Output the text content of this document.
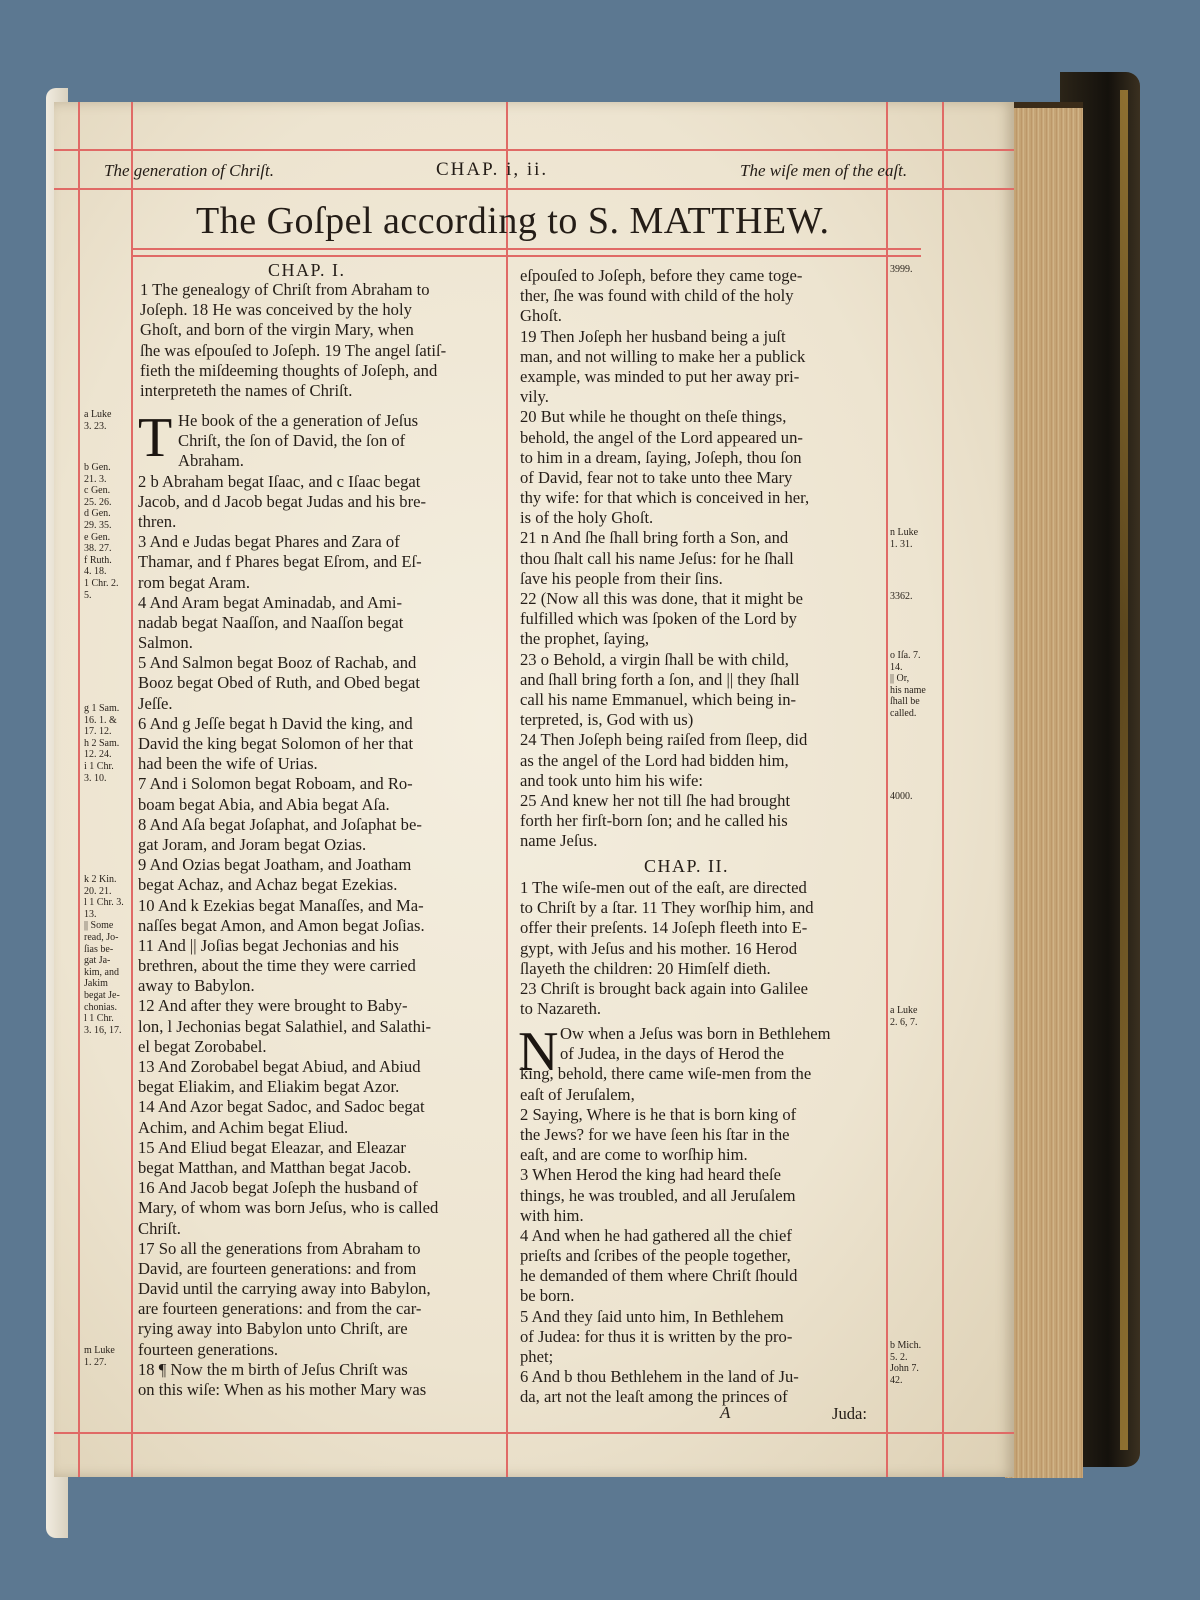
The generation of Chriſt.	CHAP. i, ii.	The wiſe men of the eaſt.
The Goſpel according to S. MATTHEW.
CHAP. I.
1 The genealogy of Chriſt from Abraham to
Joſeph. 18 He was conceived by the holy
Ghoſt, and born of the virgin Mary, when
ſhe was eſpouſed to Joſeph. 19 The angel ſatiſ-
fieth the miſdeeming thoughts of Joſeph, and
interpreteth the names of Chriſt.
T He book of the a generation of Jeſus
Chriſt, the ſon of David, the ſon of
Abraham.
2 b Abraham begat Iſaac, and c Iſaac begat
Jacob, and d Jacob begat Judas and his bre-
thren.
3 And e Judas begat Phares and Zara of
Thamar, and f Phares begat Eſrom, and Eſ-
rom begat Aram.
4 And Aram begat Aminadab, and Ami-
nadab begat Naaſſon, and Naaſſon begat
Salmon.
5 And Salmon begat Booz of Rachab, and
Booz begat Obed of Ruth, and Obed begat
Jeſſe.
6 And g Jeſſe begat h David the king, and
David the king begat Solomon of her that
had been the wife of Urias.
7 And i Solomon begat Roboam, and Ro-
boam begat Abia, and Abia begat Aſa.
8 And Aſa begat Joſaphat, and Joſaphat be-
gat Joram, and Joram begat Ozias.
9 And Ozias begat Joatham, and Joatham
begat Achaz, and Achaz begat Ezekias.
10 And k Ezekias begat Manaſſes, and Ma-
naſſes begat Amon, and Amon begat Joſias.
11 And || Joſias begat Jechonias and his
brethren, about the time they were carried
away to Babylon.
12 And after they were brought to Baby-
lon, l Jechonias begat Salathiel, and Salathi-
el begat Zorobabel.
13 And Zorobabel begat Abiud, and Abiud
begat Eliakim, and Eliakim begat Azor.
14 And Azor begat Sadoc, and Sadoc begat
Achim, and Achim begat Eliud.
15 And Eliud begat Eleazar, and Eleazar
begat Matthan, and Matthan begat Jacob.
16 And Jacob begat Joſeph the husband of
Mary, of whom was born Jeſus, who is called
Chriſt.
17 So all the generations from Abraham to
David, are fourteen generations: and from
David until the carrying away into Babylon,
are fourteen generations: and from the car-
rying away into Babylon unto Chriſt, are
fourteen generations.
18 ¶ Now the m birth of Jeſus Chriſt was
on this wiſe: When as his mother Mary was
eſpouſed to Joſeph, before they came toge-
ther, ſhe was found with child of the holy
Ghoſt.
19 Then Joſeph her husband being a juſt
man, and not willing to make her a publick
example, was minded to put her away pri-
vily.
20 But while he thought on theſe things,
behold, the angel of the Lord appeared un-
to him in a dream, ſaying, Joſeph, thou ſon
of David, fear not to take unto thee Mary
thy wife: for that which is conceived in her,
is of the holy Ghoſt.
21 n And ſhe ſhall bring forth a Son, and
thou ſhalt call his name Jeſus: for he ſhall
ſave his people from their ſins.
22 (Now all this was done, that it might be
fulfilled which was ſpoken of the Lord by
the prophet, ſaying,
23 o Behold, a virgin ſhall be with child,
and ſhall bring forth a ſon, and || they ſhall
call his name Emmanuel, which being in-
terpreted, is, God with us)
24 Then Joſeph being raiſed from ſleep, did
as the angel of the Lord had bidden him,
and took unto him his wife:
25 And knew her not till ſhe had brought
forth her firſt-born ſon; and he called his
name Jeſus.
CHAP. II.
1 The wiſe-men out of the eaſt, are directed
to Chriſt by a ſtar. 11 They worſhip him, and
offer their preſents. 14 Joſeph fleeth into E-
gypt, with Jeſus and his mother. 16 Herod
ſlayeth the children: 20 Himſelf dieth.
23 Chriſt is brought back again into Galilee
to Nazareth.
N Ow when a Jeſus was born in Bethlehem
of Judea, in the days of Herod the
king, behold, there came wiſe-men from the
eaſt of Jeruſalem,
2 Saying, Where is he that is born king of
the Jews? for we have ſeen his ſtar in the
eaſt, and are come to worſhip him.
3 When Herod the king had heard theſe
things, he was troubled, and all Jeruſalem
with him.
4 And when he had gathered all the chief
prieſts and ſcribes of the people together,
he demanded of them where Chriſt ſhould
be born.
5 And they ſaid unto him, In Bethlehem
of Judea: for thus it is written by the pro-
phet;
6 And b thou Bethlehem in the land of Ju-
da, art not the leaſt among the princes of
A	Juda:
a Luke
3. 23.
b Gen.
21. 3.
c Gen.
25. 26.
d Gen.
29. 35.
e Gen.
38. 27.
f Ruth.
4. 18.
1 Chr. 2.
5.
g 1 Sam.
16. 1. &
17. 12.
h 2 Sam.
12. 24.
i 1 Chr.
3. 10.
k 2 Kin.
20. 21.
l 1 Chr. 3.
13.
|| Some
read, Jo-
ſias be-
gat Ja-
kim, and
Jakim
begat Je-
chonias.
l 1 Chr.
3. 16, 17.
m Luke
1. 27.
3999.
n Luke
1. 31.
3362.
o Iſa. 7.
14.
|| Or,
his name
ſhall be
called.
4000.
a Luke
2. 6, 7.
b Mich.
5. 2.
John 7.
42.
